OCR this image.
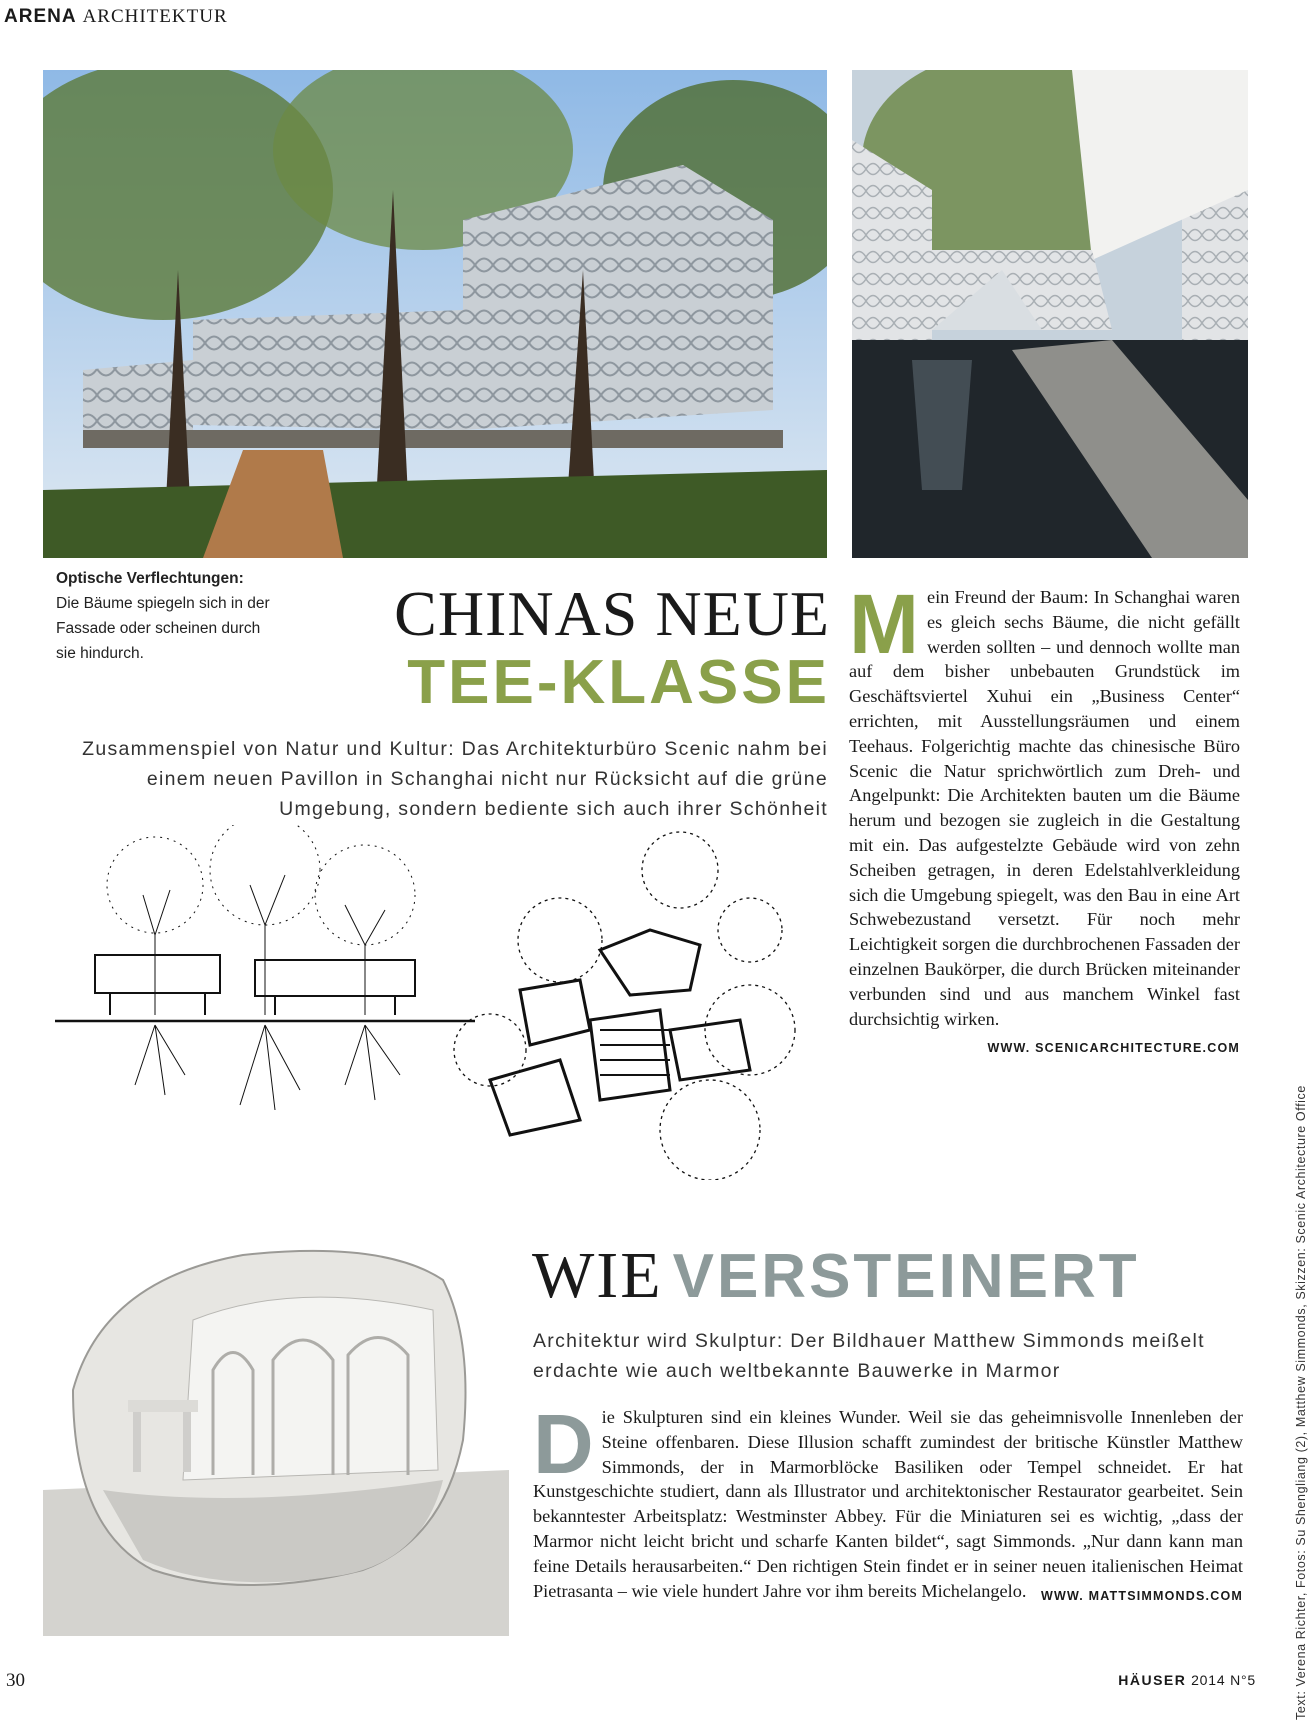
ARENA ARCHITEKTUR
Optische Verflechtungen:
Die Bäume spiegeln sich in der Fassade oder scheinen durch sie hindurch.
CHINAS NEUE
TEE-KLASSE
Zusammenspiel von Natur und Kultur: Das Architekturbüro Scenic nahm bei einem neuen Pavillon in Schanghai nicht nur Rücksicht auf die grüne Umgebung, sondern bediente sich auch ihrer Schönheit
Mein Freund der Baum: In Schanghai waren es gleich sechs Bäume, die nicht gefällt werden sollten – und dennoch wollte man auf dem bisher unbebauten Grundstück im Geschäftsviertel Xuhui ein „Business Center“ errichten, mit Ausstellungsräumen und einem Teehaus. Folgerichtig machte das chinesische Büro Scenic die Natur sprichwörtlich zum Dreh- und Angelpunkt: Die Architekten bauten um die Bäume herum und bezogen sie zugleich in die Gestaltung mit ein. Das aufgestelzte Gebäude wird von zehn Scheiben getragen, in deren Edelstahlverkleidung sich die Umgebung spiegelt, was den Bau in eine Art Schwebezustand versetzt. Für noch mehr Leichtigkeit sorgen die durchbrochenen Fassaden der einzelnen Baukörper, die durch Brücken miteinander verbunden sind und aus manchem Winkel fast durchsichtig wirken.
WWW. SCENICARCHITECTURE.COM
WIE VERSTEINERT
Architektur wird Skulptur: Der Bildhauer Matthew Simmonds meißelt erdachte wie auch weltbekannte Bauwerke in Marmor
Die Skulpturen sind ein kleines Wunder. Weil sie das geheimnisvolle Innenleben der Steine offenbaren. Diese Illusion schafft zumindest der britische Künstler Matthew Simmonds, der in Marmorblöcke Basiliken oder Tempel schneidet. Er hat Kunstgeschichte studiert, dann als Illustrator und architektonischer Restaurator gearbeitet. Sein bekanntester Arbeitsplatz: Westminster Abbey. Für die Miniaturen sei es wichtig, „dass der Marmor nicht leicht bricht und scharfe Kanten bildet“, sagt Simmonds. „Nur dann kann man feine Details herausarbeiten.“ Den richtigen Stein findet er in seiner neuen italienischen Heimat Pietrasanta – wie viele hundert Jahre vor ihm bereits Michelangelo. WWW. MATTSIMMONDS.COM	Text: Verena Richter, Fotos: Su Shengliang (2), Matthew Simmonds, Skizzen: Scenic Architecture Office
30	HÄUSER 2014 N°5
